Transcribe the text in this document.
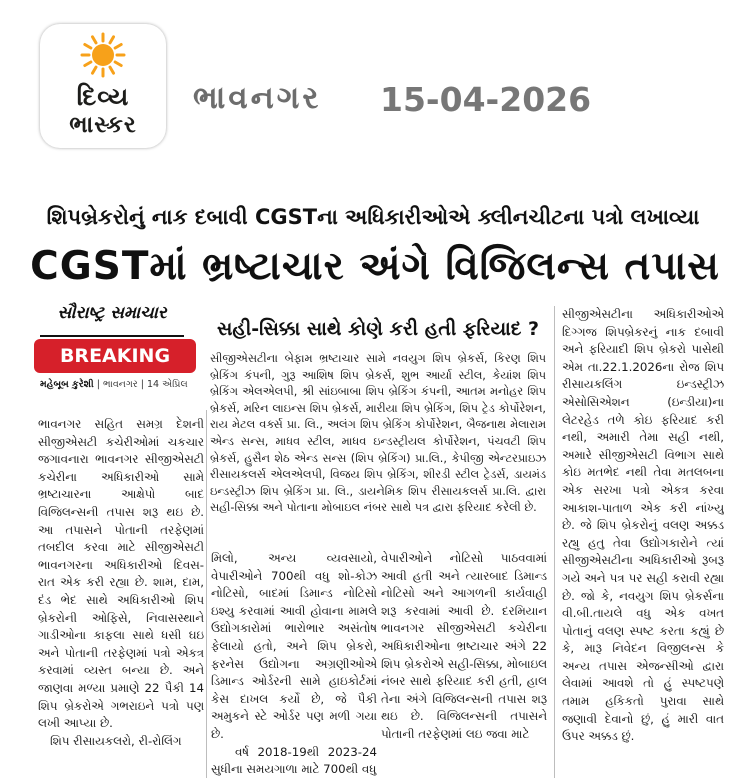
દિવ્ય
ભાસ્કર
ભાવનગર 15-04-2026
શિપબ્રેકરોનું નાક દબાવી CGSTના અધિકારીઓએ ક્લીનચીટના પત્રો લખાવ્યા
CGSTમાં ભ્રષ્ટાચાર અંગે વિજિલન્સ તપાસ
સૌરાષ્ટ્ર સમાચાર
BREAKING
મહેબૂબ કુરેશી | ભાવનગર | 14 એપ્રિલ
સહી-સિક્કા સાથે કોણે કરી હતી ફરિયાદ ?
સીજીએસટીના બેફામ ભ્રષ્ટાચાર સામે નવયુગ શિપ બ્રેકર્સ, કિરણ શિપ બ્રેકિંગ કંપની, ગુરૂ આશિષ શિપ બ્રેકર્સ, શુભ આર્યા સ્ટીલ, કેયાંશ શિપ બ્રેકિંગ એલએલપી, શ્રી સાંઇબાબા શિપ બ્રેકિંગ કંપની, આતમ મનોહર શિપ બ્રેકર્સ, મરિન લાઇન્સ શિપ બ્રેકર્સ, મારીયા શિપ બ્રેકિંગ, શિપ ટ્રેડ કોર્પોરેશન, રાય મેટલ વર્ક્સ પ્રા. લિ., અલંગ શિપ બ્રેકિંગ કોર્પોરેશન, બૈજનાથ મેલારામ એન્ડ સન્સ, માધવ સ્ટીલ, માધવ ઇન્ડસ્ટ્રીયલ કોર્પોરેશન, પંચવટી શિપ બ્રેકર્સ, હુસૈન શેઠ એન્ડ સન્સ (શિપ બ્રેકિંગ) પ્રા.લિ., કેપીજી એન્ટરપ્રાઇઝ રીસાયકલર્સ એલએલપી, વિજય શિપ બ્રેકિંગ, શીરડી સ્ટીલ ટ્રેડર્સ, ડાયમંડ ઇન્ડસ્ટ્રીઝ શિપ બ્રેકિંગ પ્રા. લિ., ડાયનેમિક શિપ રીસાયકલર્સ પ્રા.લિ. દ્વારા સહી-સિક્કા અને પોતાના મોબાઇલ નંબર સાથે પત્ર દ્વારા ફરિયાદ કરેલી છે.

ભાવનગર સહિત સમગ્ર દેશની સીજીએસટી કચેરીઓમાં ચકચાર જગાવનારા ભાવનગર સીજીએસટી કચેરીના અધિકારીઓ સામે ભ્રષ્ટાચારના આક્ષેપો બાદ વિજિલન્સની તપાસ શરૂ થઇ છે. આ તપાસને પોતાની તરફેણમાં તબદીલ કરવા માટે સીજીએસટી ભાવનગરના અધિકારીઓ દિવસ-રાત એક કરી રહ્યા છે. શામ, દામ, દંડ ભેદ સાથે અધિકારીઓ શિપ બ્રેકરોની ઓફિસે, નિવાસસ્થાને ગાડીઓના કાફલા સાથે ધસી ઘઇ અને પોતાની તરફેણમાં પત્રો એકત્ર કરવામાં વ્યસ્ત બન્યા છે. અને જાણવા મળ્યા પ્રમાણે 22 પૈકી 14 શિપ બ્રેકરોએ ગભરાઇને પત્રો પણ લખી આપ્યા છે.

શિપ રીસાયકલરો, રી-રોલિંગ

મિલો, અન્ય વ્યવસાયો, વેપારીઓને 700થી વધુ શો-કોઝ નોટિસો, બાદમાં ડિમાન્ડ નોટિસો ઇશ્યુ કરવામાં આવી હોવાના મામલે ઉદ્યોગકારોમાં ભારોભાર અસંતોષ ફેલાયો હતો, અને શિપ બ્રેકરો, ફરનેસ ઉદ્યોગના અગ્રણીઓએ ડિમાન્ડ ઓર્ડરની સામે હાઇકોર્ટમાં કેસ દાખલ કર્યો છે, જે પૈકી અમુકને સ્ટે ઓર્ડર પણ મળી ગયા છે.

વર્ષ 2018-19થી 2023-24 સુધીના સમયગાળા માટે 700થી વધુ

વેપારીઓને નોટિસો પાઠવવામાં આવી હતી અને ત્યારબાદ ડિમાન્ડ નોટિસો અને આગળની કાર્યવાહી શરૂ કરવામાં આવી છે. દરમિયાન ભાવનગર સીજીએસટી કચેરીના અધિકારીઓના ભ્રષ્ટાચાર અંગે 22 શિપ બ્રેકરોએ સહી-સિક્કા, મોબાઇલ નંબર સાથે ફરિયાદ કરી હતી, હાલ તેના અંગે વિજિલન્સની તપાસ શરૂ થઇ છે. વિજિલન્સની તપાસને પોતાની તરફેણમાં લઇ જવા માટે
સીજીએસટીના અધિકારીઓએ દિગ્ગજ શિપબ્રેકરનું નાક દબાવી અને ફરિયાદી શિપ બ્રેકરો પાસેથી એમ તા.22.1.2026ના રોજ શિપ રીસાયકલિંગ ઇન્ડસ્ટ્રીઝ એસોસિએશન (ઇન્ડીયા)ના લેટરહેડ તળે કોઇ ફરિયાદ કરી નથી, અમારી તેમા સહી નથી, અમારે સીજીએસટી વિભાગ સાથે કોઇ મતભેદ નથી તેવા મતલબના એક સરખા પત્રો એકત્ર કરવા આકાશ-પાતાળ એક કરી નાંખ્યુ છે. જે શિપ બ્રેકરોનું વલણ અક્કડ રહ્યુ હતુ તેવા ઉદ્યોગકારોને ત્યાં સીજીએસટીના અધિકારીઓ રૂબરૂ ગયે અને પત્ર પર સહી કરાવી રહ્યા છે. જો કે, નવયુગ શિપ બ્રેકર્સના વી.બી.તાયલે વધુ એક વખત પોતાનું વલણ સ્પષ્ટ કરતા કહ્યું છે કે, મારૂ નિવેદન વિજીલન્સ કે અન્ય તપાસ એજન્સીઓ દ્વારા લેવામાં આવશે તો હું સ્પષ્ટપણે તમામ હકિકતો પુરાવા સાથે જણાવી દેવાનો છું, હું મારી વાત ઉપર અક્કડ છું.
